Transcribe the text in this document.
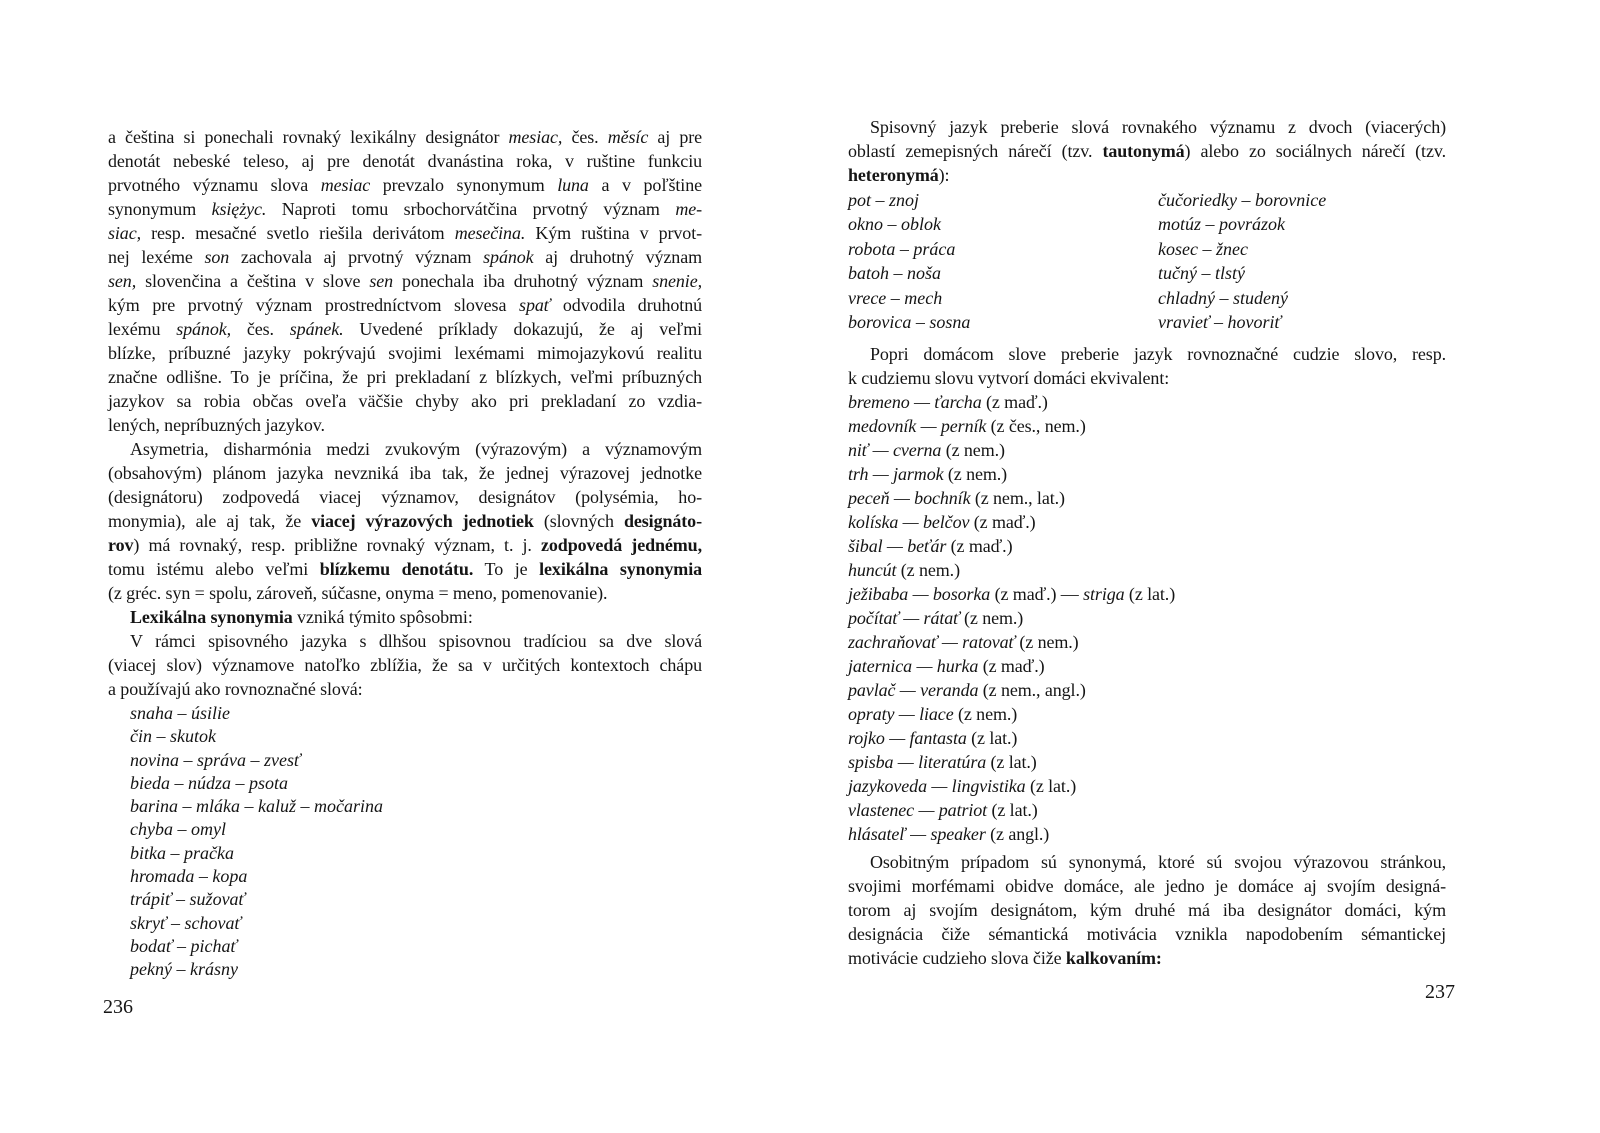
a čeština si ponechali rovnaký lexikálny designátor mesiac, čes. měsíc aj pre
denotát nebeské teleso, aj pre denotát dvanástina roka, v ruštine funkciu
prvotného významu slova mesiac prevzalo synonymum luna a v poľštine
synonymum księżyc. Naproti tomu srbochorvátčina prvotný význam me-
siac, resp. mesačné svetlo riešila derivátom mesečina. Kým ruština v prvot-
nej lexéme son zachovala aj prvotný význam spánok aj druhotný význam
sen, slovenčina a čeština v slove sen ponechala iba druhotný význam snenie,
kým pre prvotný význam prostredníctvom slovesa spať odvodila druhotnú
lexému spánok, čes. spánek. Uvedené príklady dokazujú, že aj veľmi
blízke, príbuzné jazyky pokrývajú svojimi lexémami mimojazykovú realitu
značne odlišne. To je príčina, že pri prekladaní z blízkych, veľmi príbuzných
jazykov sa robia občas oveľa väčšie chyby ako pri prekladaní zo vzdia-
lených, nepríbuzných jazykov.
Asymetria, disharmónia medzi zvukovým (výrazovým) a významovým
(obsahovým) plánom jazyka nevzniká iba tak, že jednej výrazovej jednotke
(designátoru) zodpovedá viacej významov, designátov (polysémia, ho-
monymia), ale aj tak, že viacej výrazových jednotiek (slovných designáto-
rov) má rovnaký, resp. približne rovnaký význam, t. j. zodpovedá jednému,
tomu istému alebo veľmi blízkemu denotátu. To je lexikálna synonymia
(z gréc. syn = spolu, zároveň, súčasne, onyma = meno, pomenovanie).
Lexikálna synonymia vzniká týmito spôsobmi:
V rámci spisovného jazyka s dlhšou spisovnou tradíciou sa dve slová
(viacej slov) významove natoľko zblížia, že sa v určitých kontextoch chápu
a používajú ako rovnoznačné slová:
snaha – úsilie
čin – skutok
novina – správa – zvesť
bieda – núdza – psota
barina – mláka – kaluž – močarina
chyba – omyl
bitka – pračka
hromada – kopa
trápiť – sužovať
skryť – schovať
bodať – pichať
pekný – krásny
236
Spisovný jazyk preberie slová rovnakého významu z dvoch (viacerých)
oblastí zemepisných nárečí (tzv. tautonymá) alebo zo sociálnych nárečí (tzv.
heteronymá):
pot – znoj	čučoriedky – borovnice
okno – oblok	motúz – povrázok
robota – práca	kosec – žnec
batoh – noša	tučný – tlstý
vrece – mech	chladný – studený
borovica – sosna	vravieť – hovoriť
Popri domácom slove preberie jazyk rovnoznačné cudzie slovo, resp.
k cudziemu slovu vytvorí domáci ekvivalent:
bremeno — ťarcha (z maď.)
medovník — perník (z čes., nem.)
niť — cverna (z nem.)
trh — jarmok (z nem.)
peceň — bochník (z nem., lat.)
kolíska — belčov (z maď.)
šibal — beťár (z maď.)
huncút (z nem.)
ježibaba — bosorka (z maď.) — striga (z lat.)
počítať — rátať (z nem.)
zachraňovať — ratovať (z nem.)
jaternica — hurka (z maď.)
pavlač — veranda (z nem., angl.)
opraty — liace (z nem.)
rojko — fantasta (z lat.)
spisba — literatúra (z lat.)
jazykoveda — lingvistika (z lat.)
vlastenec — patriot (z lat.)
hlásateľ — speaker (z angl.)
Osobitným prípadom sú synonymá, ktoré sú svojou výrazovou stránkou,
svojimi morfémami obidve domáce, ale jedno je domáce aj svojím designá-
torom aj svojím designátom, kým druhé má iba designátor domáci, kým
designácia čiže sémantická motivácia vznikla napodobením sémantickej
motivácie cudzieho slova čiže kalkovaním:
237
